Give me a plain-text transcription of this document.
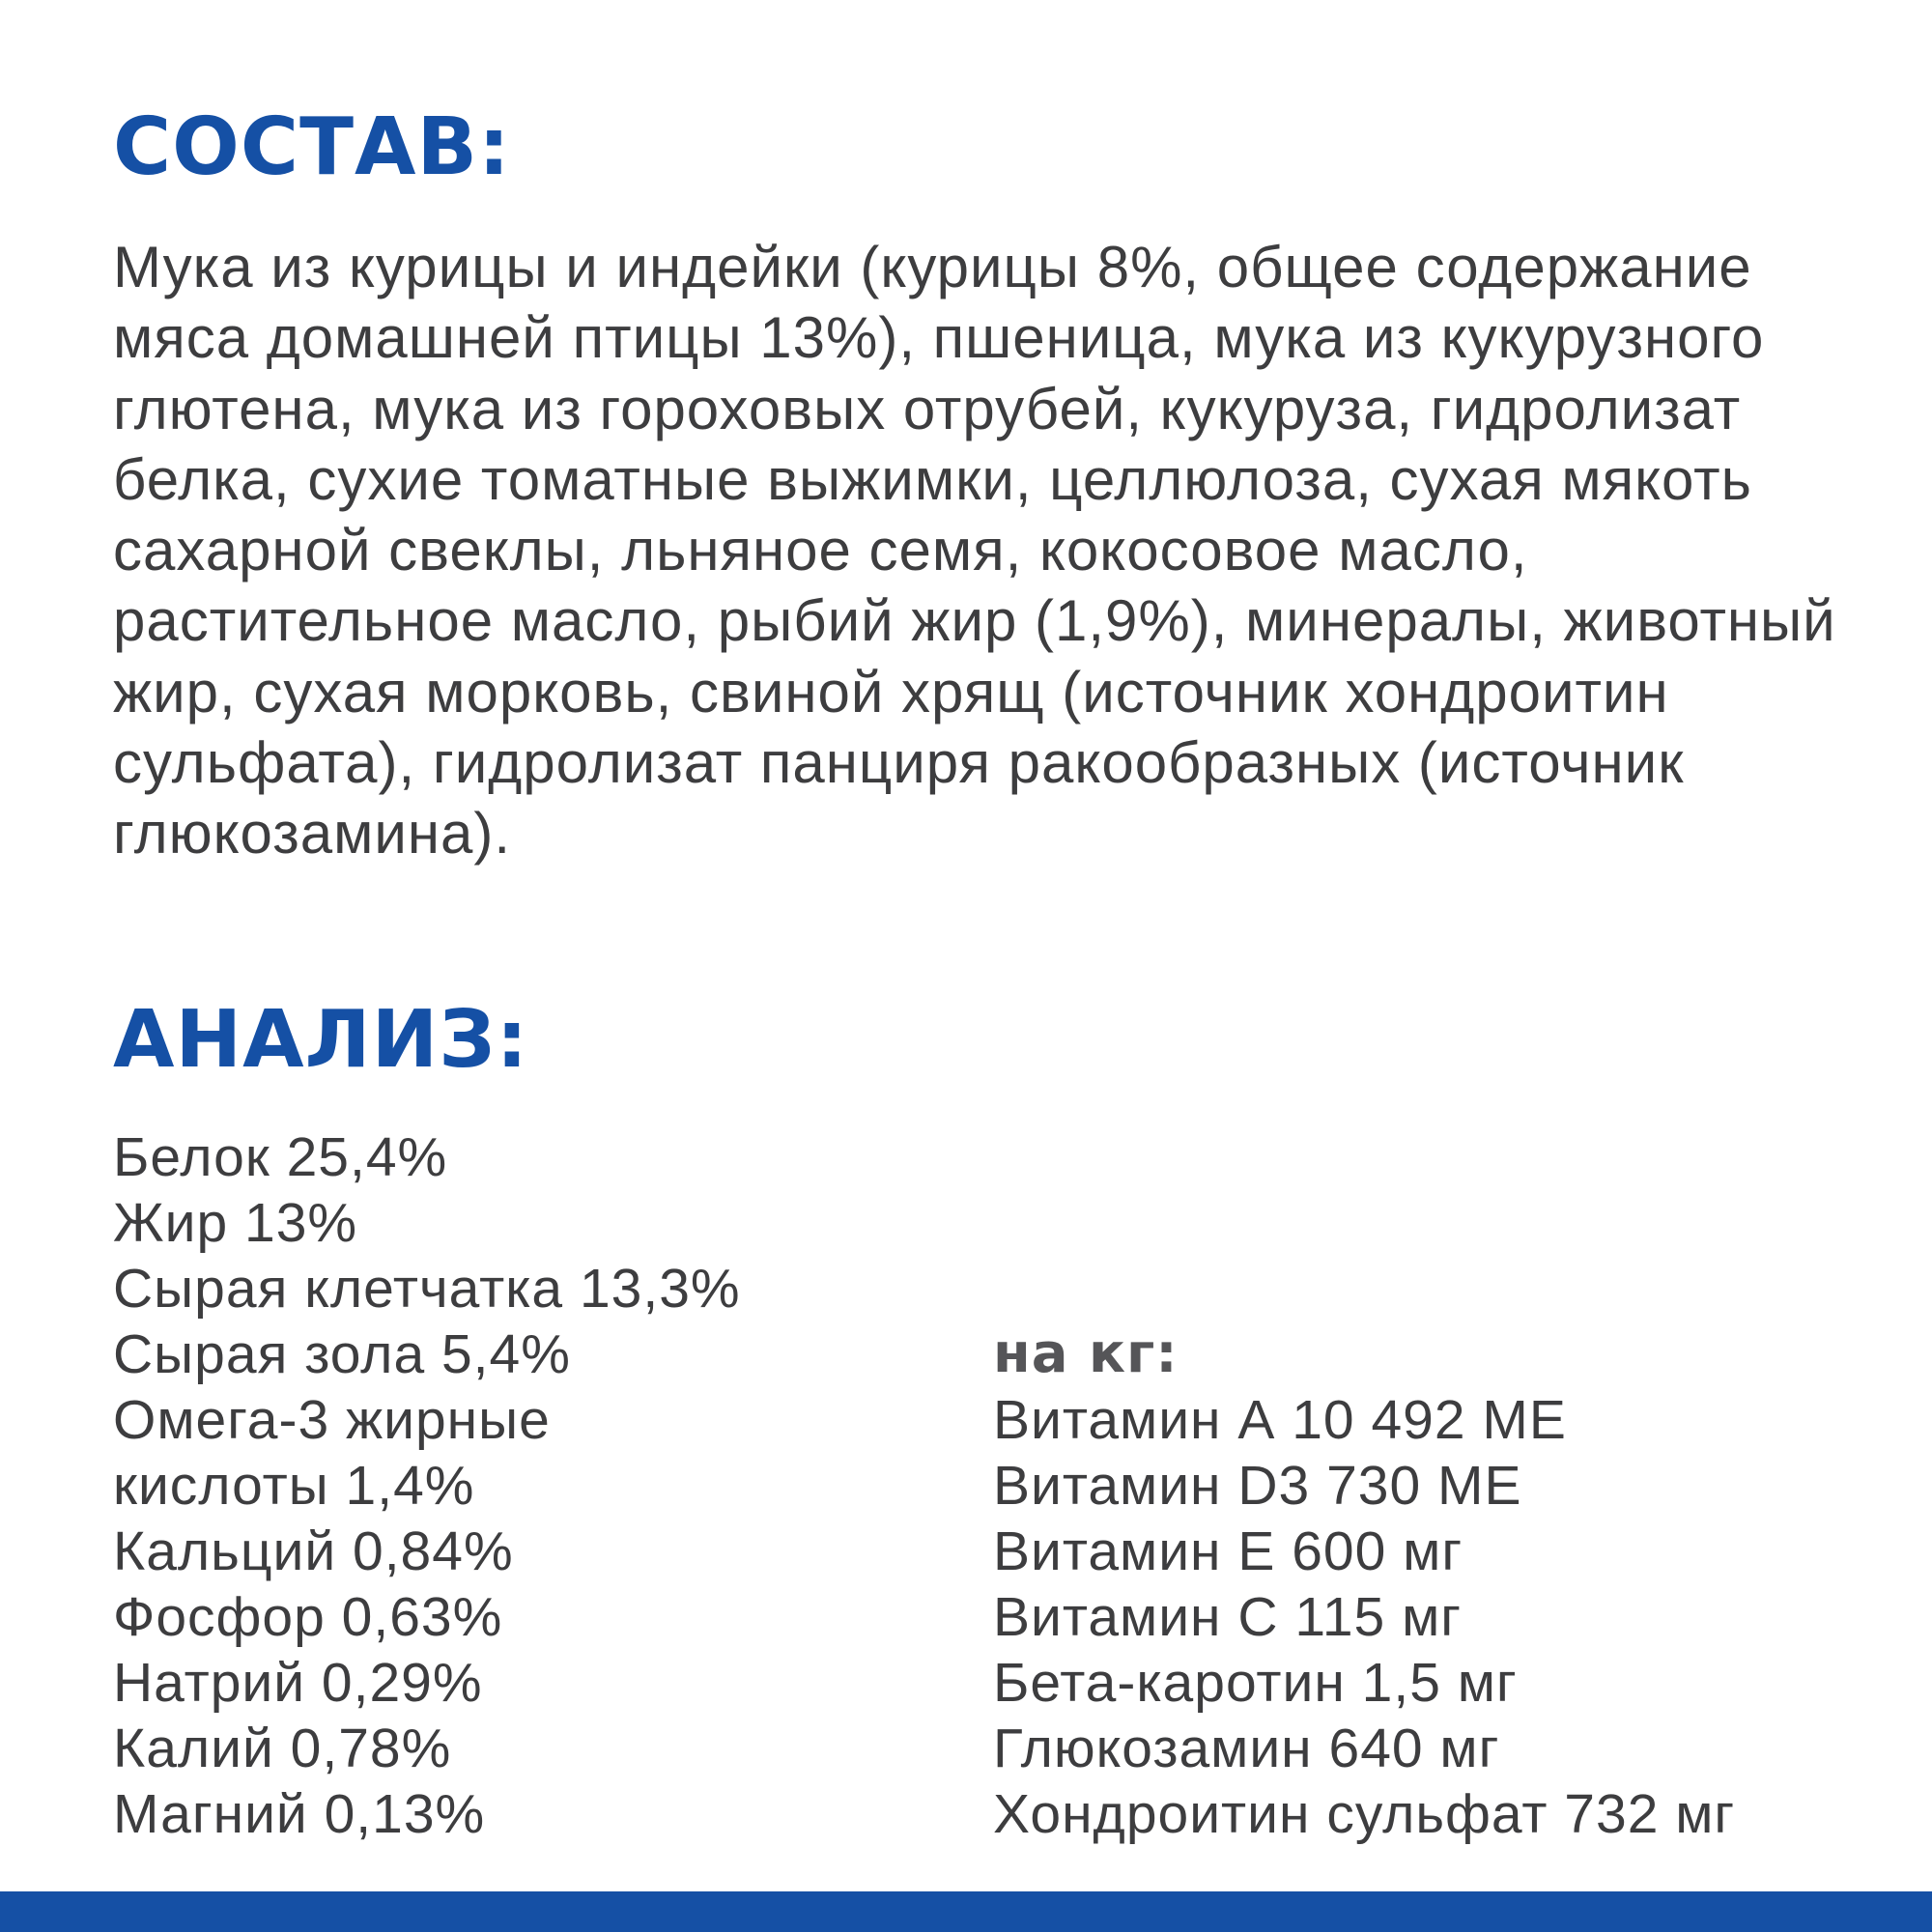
СОСТАВ:

Мука из курицы и индейки (курицы 8%, общее содержание мяса домашней птицы 13%), пшеница, мука из кукурузного глютена, мука из гороховых отрубей, кукуруза, гидролизат белка, сухие томатные выжимки, целлюлоза, сухая мякоть сахарной свеклы, льняное семя, кокосовое масло, растительное масло, рыбий жир (1,9%), минералы, животный жир, сухая морковь, свиной хрящ (источник хондроитин сульфата), гидролизат панциря ракообразных (источник глюкозамина).

АНАЛИЗ:
Белок 25,4%
Жир 13%
Сырая клетчатка 13,3%
Сырая зола 5,4%
Омега-3 жирные
кислоты 1,4%
Кальций 0,84%
Фосфор 0,63%
Натрий 0,29%
Калий 0,78%
Магний 0,13%
на кг:
Витамин А 10 492 МЕ
Витамин D3 730 МЕ
Витамин Е 600 мг
Витамин С 115 мг
Бета-каротин 1,5 мг
Глюкозамин 640 мг
Хондроитин сульфат 732 мг
